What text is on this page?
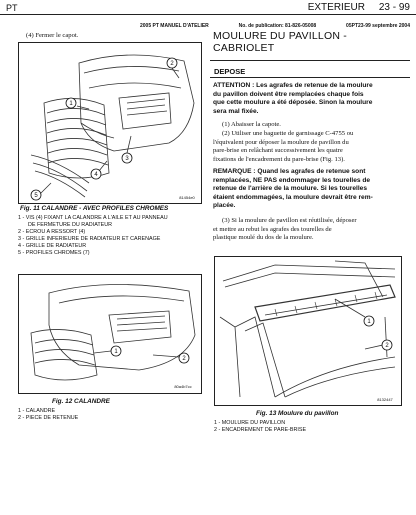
PT	EXTERIEUR 23 - 99
2005 PT MANUEL D'ATELIER	No. de publication: 81-826-05008	05PT23-99 septembre 2004
(4) Fermer le capot.
1
2
3
4
5	81454e0
Fig. 11 CALANDRE - AVEC PROFILES CHROMES
1 - VIS (4) FIXANT LA CALANDRE A L'AILE ET AU PANNEAU
DE FERMETURE DU RADIATEUR
2 - ECROU A RESSORT (4)
3 - GRILLE INFERIEURE DE RADIATEUR ET CARENAGE
4 - GRILLE DE RADIATEUR
5 - PROFILES CHROMES (7)
1
2
80a4b7cc
Fig. 12 CALANDRE
1 - CALANDRE
2 - PIECE DE RETENUE
MOULURE DU PAVILLON -
CABRIOLET
DEPOSE
ATTENTION : Les agrafes de retenue de la moulure
du pavillon doivent être remplacées chaque fois
que cette moulure a été déposée. Sinon la moulure
sera mal fixée.
(1) Abaisser la capote.
(2) Utiliser une baguette de garnissage C-4755 ou
l'équivalent pour déposer la moulure de pavillon du
pare-brise en relâchant successivement les quatre
fixations de l'encadrement du pare-brise (Fig. 13).
REMARQUE : Quand les agrafes de retenue sont
remplacées, NE PAS endommager les tourelles de
retenue de l'arrière de la moulure. Si les tourelles
étaient endommagées, la moulure devrait être rem-
placée.
(3) Si la moulure de pavillon est réutilisée, déposer
et mettre au rebut les agrafes des tourelles de
plastique moulé du dos de la moulure.
1
2
8132447
Fig. 13 Moulure du pavillon
1 - MOULURE DU PAVILLON
2 - ENCADREMENT DE PARE-BRISE
